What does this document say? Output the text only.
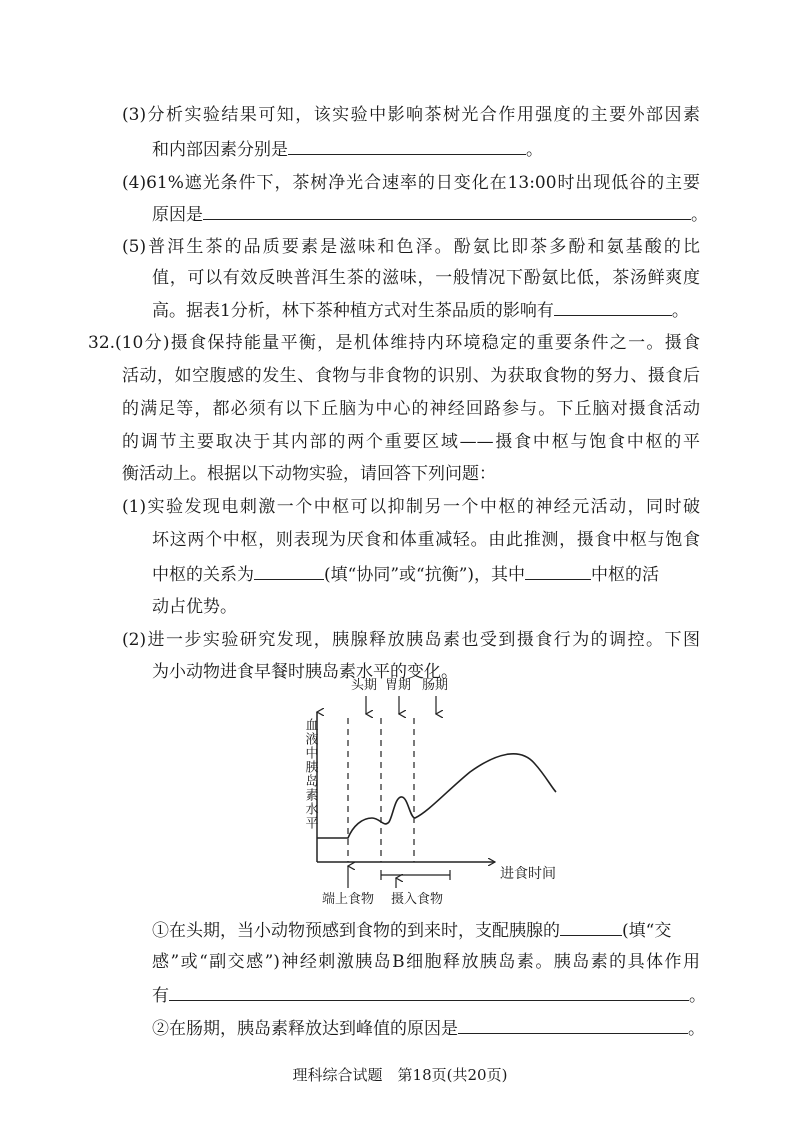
(3)分析实验结果可知，该实验中影响茶树光合作用强度的主要外部因素
和内部因素分别是	。
(4)61%遮光条件下，茶树净光合速率的日变化在13:00时出现低谷的主要
原因是	。
(5)普洱生茶的品质要素是滋味和色泽。酚氨比即茶多酚和氨基酸的比
值，可以有效反映普洱生茶的滋味，一般情况下酚氨比低，茶汤鲜爽度
高。据表1分析，林下茶种植方式对生茶品质的影响有	。
32.(10分)摄食保持能量平衡，是机体维持内环境稳定的重要条件之一。摄食
活动，如空腹感的发生、食物与非食物的识别、为获取食物的努力、摄食后
的满足等，都必须有以下丘脑为中心的神经回路参与。下丘脑对摄食活动
的调节主要取决于其内部的两个重要区域——摄食中枢与饱食中枢的平
衡活动上。根据以下动物实验，请回答下列问题：
(1)实验发现电刺激一个中枢可以抑制另一个中枢的神经元活动，同时破
坏这两个中枢，则表现为厌食和体重减轻。由此推测，摄食中枢与饱食
中枢的关系为	(填“协同”或“抗衡”)，其中	中枢的活
动占优势。
(2)进一步实验研究发现，胰腺释放胰岛素也受到摄食行为的调控。下图
为小动物进食早餐时胰岛素水平的变化。
血液中胰岛素水平
进食时间
头期 胃期 肠期
端上食物 摄入食物
①在头期，当小动物预感到食物的到来时，支配胰腺的	(填“交
感”或“副交感”)神经刺激胰岛B细胞释放胰岛素。胰岛素的具体作用
有	。
②在肠期，胰岛素释放达到峰值的原因是	。
理科综合试题　第18页(共20页)
